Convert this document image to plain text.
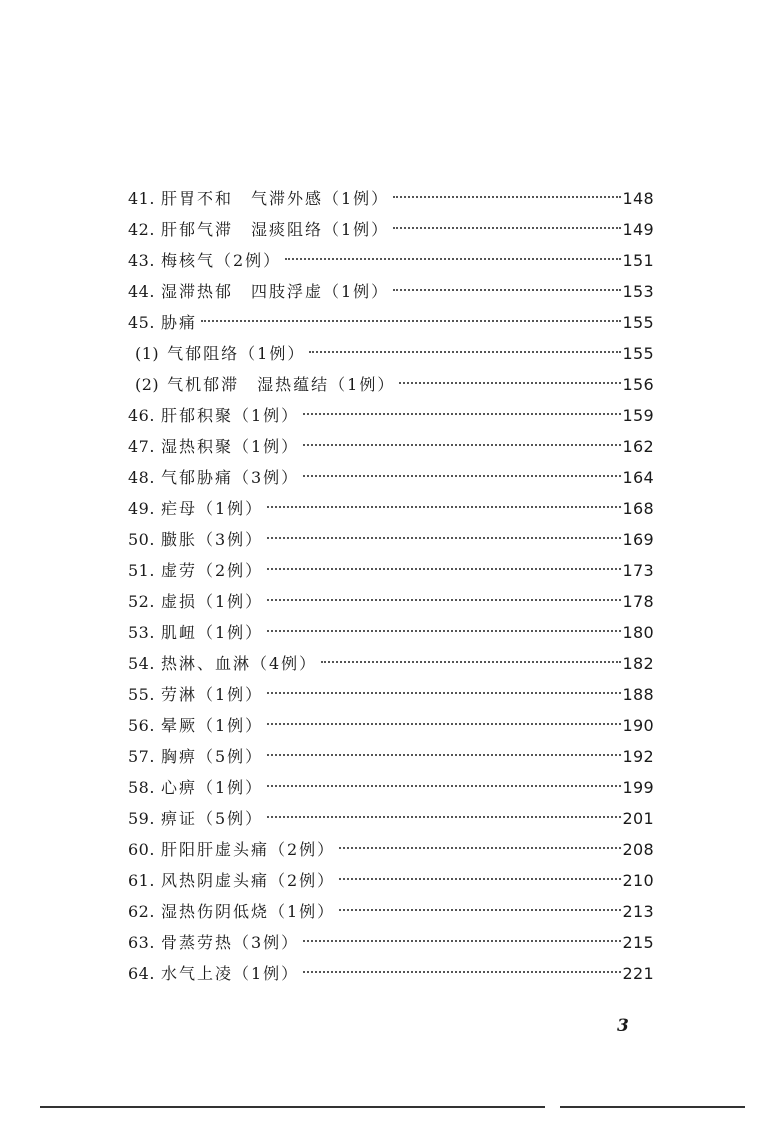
41. 肝胃不和　气滞外感（1例）	148
42. 肝郁气滞　湿痰阻络（1例）	149
43. 梅核气（2例）	151
44. 湿滞热郁　四肢浮虚（1例）	153
45. 胁痛	155
(1) 气郁阻络（1例）	155
(2) 气机郁滞　湿热蕴结（1例）	156
46. 肝郁积聚（1例）	159
47. 湿热积聚（1例）	162
48. 气郁胁痛（3例）	164
49. 疟母（1例）	168
50. 臌胀（3例）	169
51. 虚劳（2例）	173
52. 虚损（1例）	178
53. 肌衄（1例）	180
54. 热淋、血淋（4例）	182
55. 劳淋（1例）	188
56. 晕厥（1例）	190
57. 胸痹（5例）	192
58. 心痹（1例）	199
59. 痹证（5例）	201
60. 肝阳肝虚头痛（2例）	208
61. 风热阴虚头痛（2例）	210
62. 湿热伤阴低烧（1例）	213
63. 骨蒸劳热（3例）	215
64. 水气上凌（1例）	221
3
